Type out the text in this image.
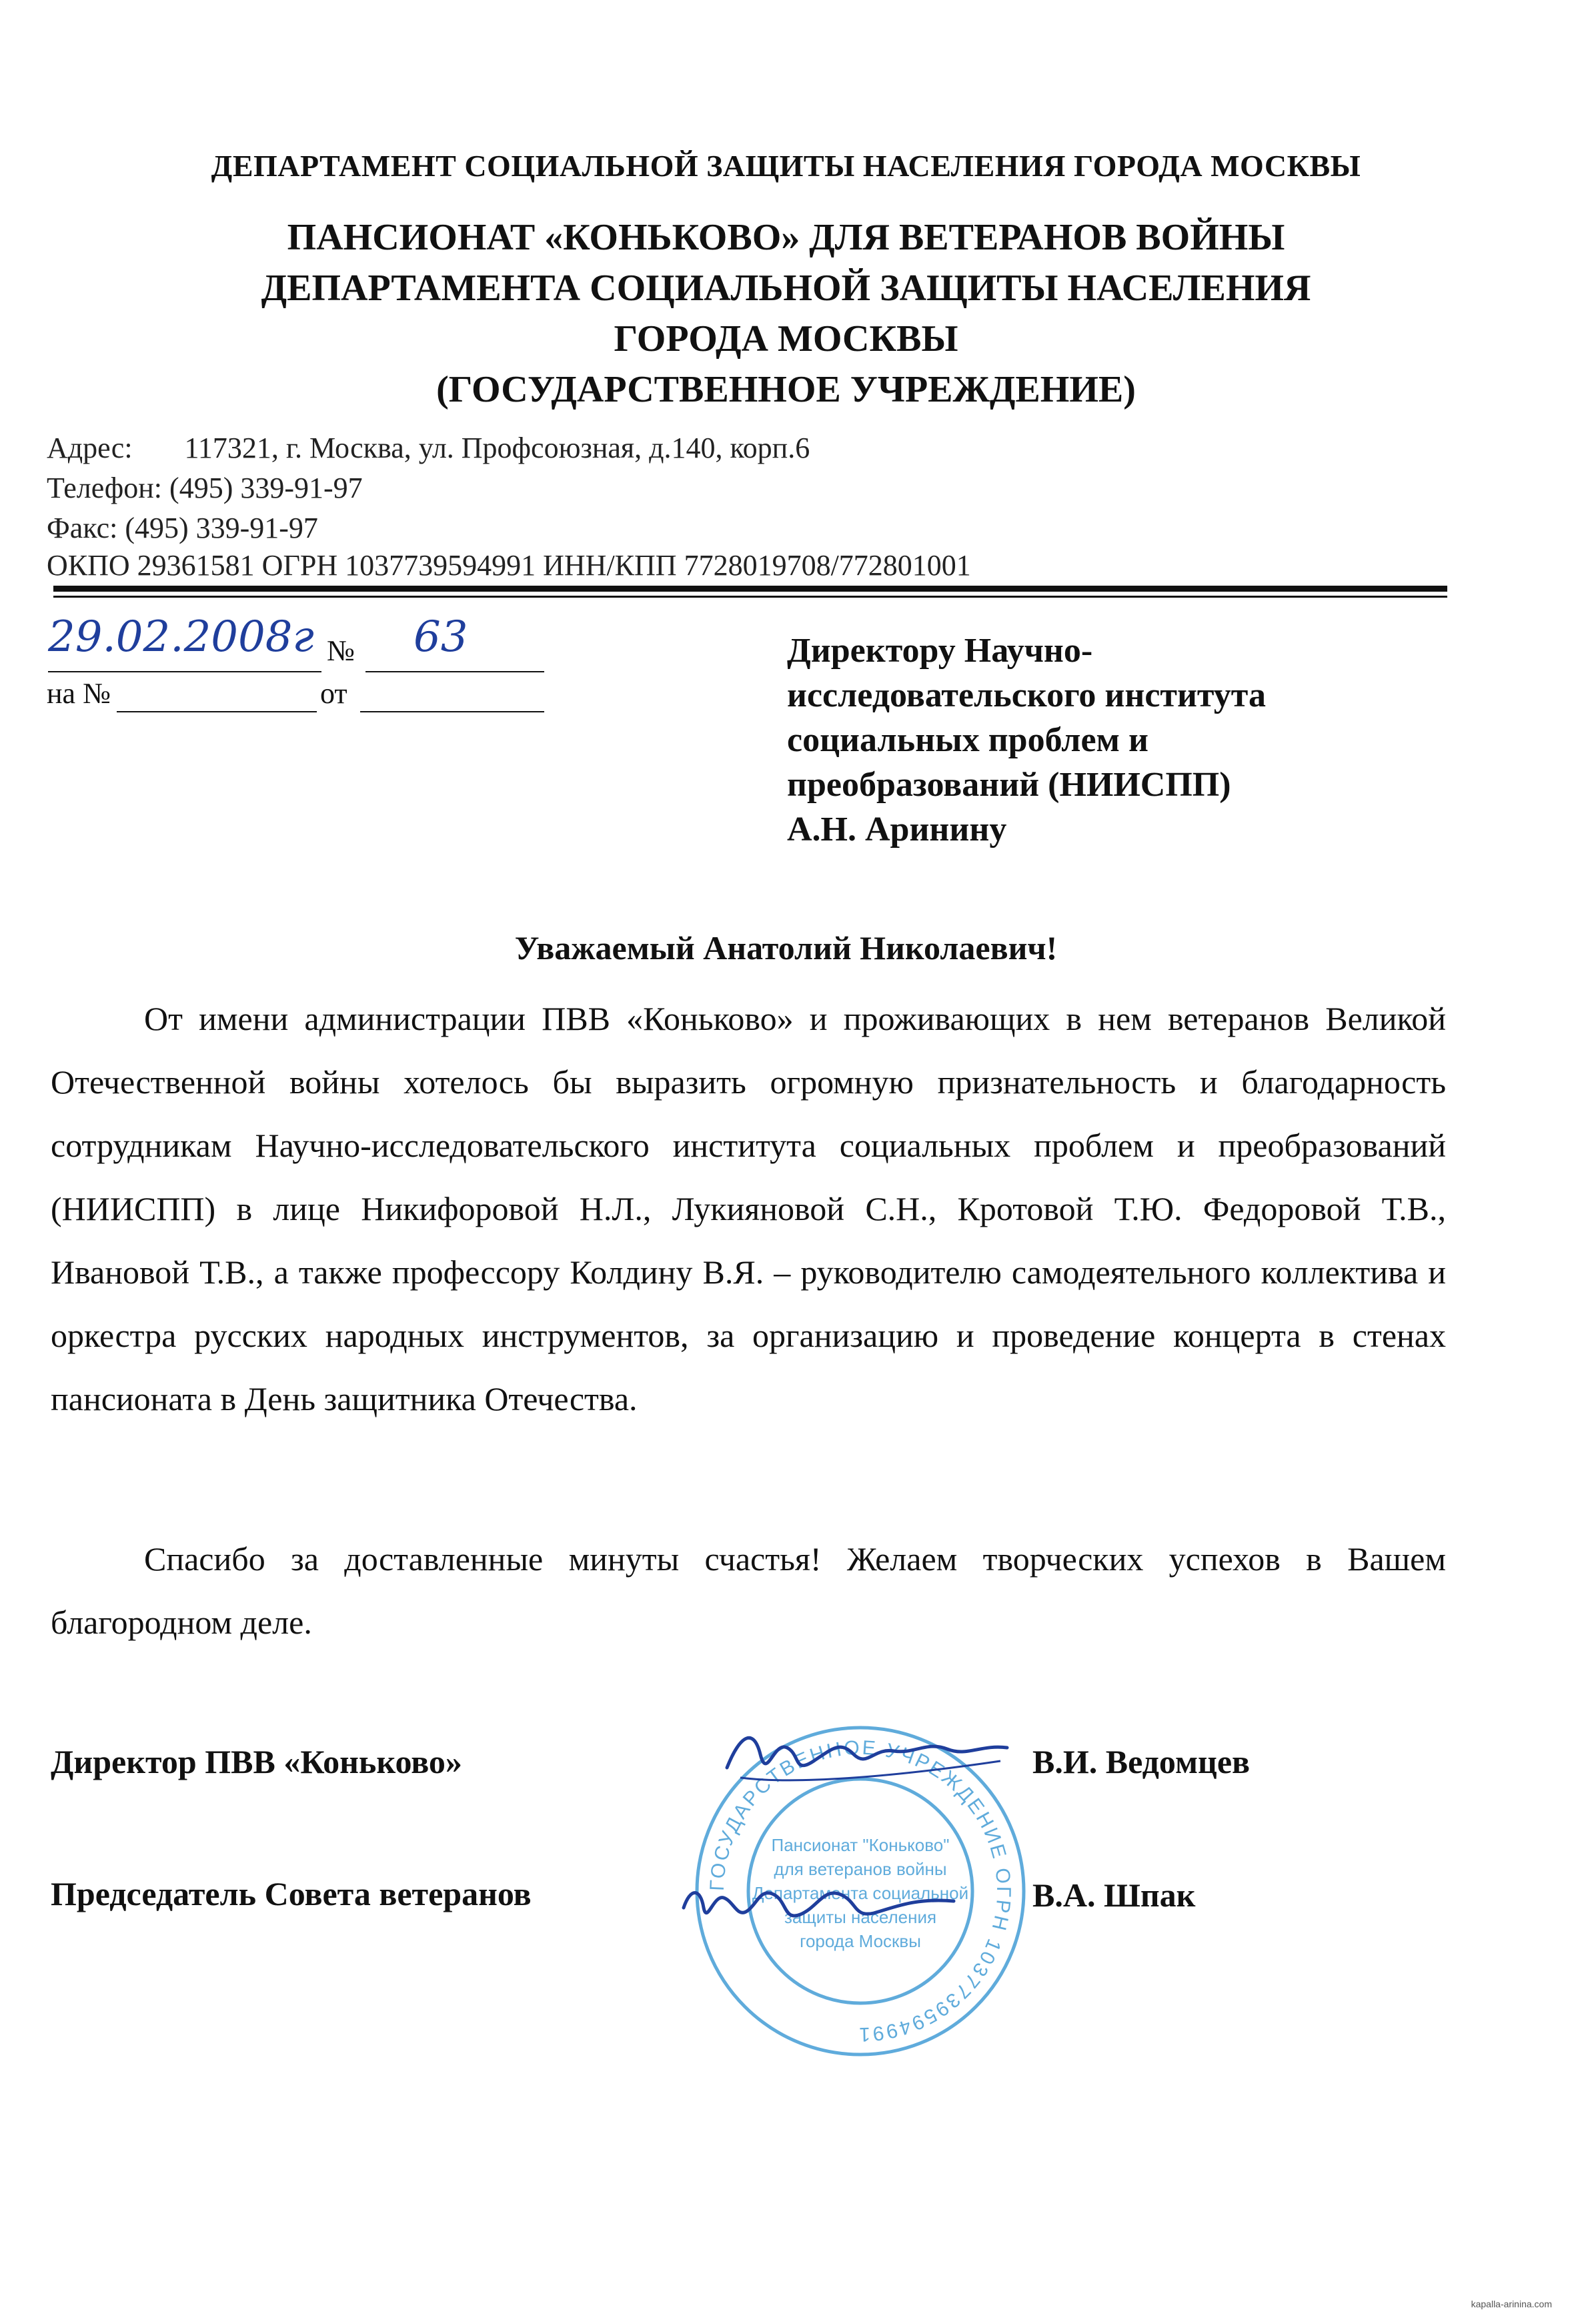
ДЕПАРТАМЕНТ СОЦИАЛЬНОЙ ЗАЩИТЫ НАСЕЛЕНИЯ ГОРОДА МОСКВЫ
ПАНСИОНАТ «КОНЬКОВО» ДЛЯ ВЕТЕРАНОВ ВОЙНЫ
ДЕПАРТАМЕНТА СОЦИАЛЬНОЙ ЗАЩИТЫ НАСЕЛЕНИЯ
ГОРОДА МОСКВЫ
(ГОСУДАРСТВЕННОЕ УЧРЕЖДЕНИЕ)
Адрес: 117321, г. Москва, ул. Профсоюзная, д.140, корп.6
Телефон: (495) 339-91-97
Факс: (495) 339-91-97
ОКПО 29361581 ОГРН 1037739594991 ИНН/КПП 7728019708/772801001
29.02.2008г № 63
на №	от
Директору Научно-
исследовательского института
социальных проблем и
преобразований (НИИСПП)
А.Н. Аринину
Уважаемый Анатолий Николаевич!
От имени администрации ПВВ «Коньково» и проживающих в нем ветеранов Великой Отечественной войны хотелось бы выразить огромную признательность и благодарность сотрудникам Научно-исследовательского института социальных проблем и преобразований (НИИСПП) в лице Никифоровой Н.Л., Лукияновой С.Н., Кротовой Т.Ю. Федоровой Т.В., Ивановой Т.В., а также профессору Колдину В.Я. – руководителю самодеятельного коллектива и оркестра русских народных инструментов, за организацию и проведение концерта в стенах пансионата в День защитника Отечества.
Спасибо за доставленные минуты счастья! Желаем творческих успехов в Вашем благородном деле.
ГОСУДАРСТВЕННОЕ УЧРЕЖДЕНИЕ ОГРН 1037739594991
Пансионат "Коньково"
для ветеранов войны
Департамента социальной
защиты населения
города Москвы
Директор ПВВ «Коньково»	В.И. Ведомцев
Председатель Совета ветеранов	В.А. Шпак
kapalla-arinina.com
